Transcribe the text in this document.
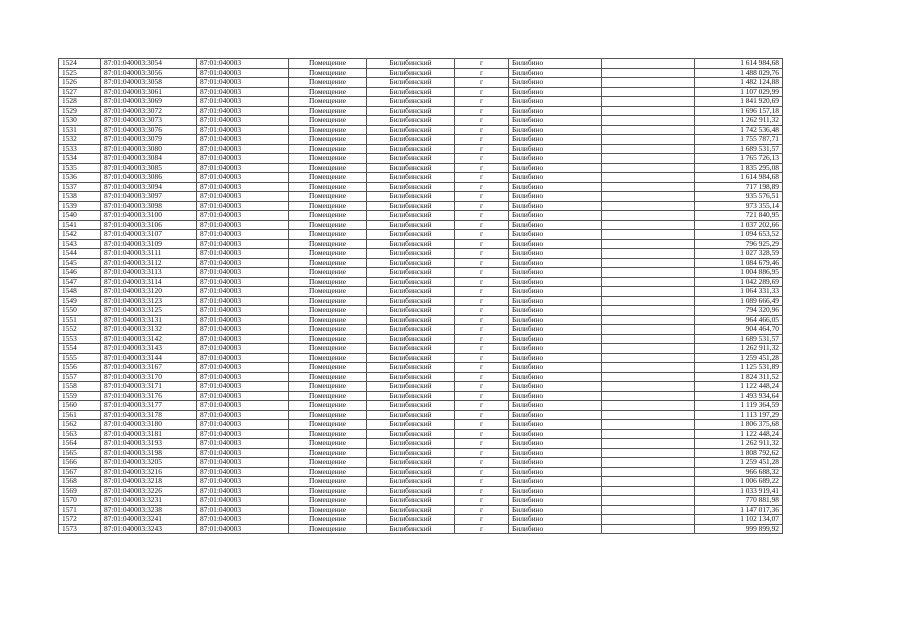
1524	87:01:040003:3054	87:01:040003	Помещение	Билибинский	г	Билибино		1 614 984,68
1525	87:01:040003:3056	87:01:040003	Помещение	Билибинский	г	Билибино		1 488 029,76
1526	87:01:040003:3058	87:01:040003	Помещение	Билибинский	г	Билибино		1 482 124,88
1527	87:01:040003:3061	87:01:040003	Помещение	Билибинский	г	Билибино		1 107 029,99
1528	87:01:040003:3069	87:01:040003	Помещение	Билибинский	г	Билибино		1 841 920,69
1529	87:01:040003:3072	87:01:040003	Помещение	Билибинский	г	Билибино		1 696 157,18
1530	87:01:040003:3073	87:01:040003	Помещение	Билибинский	г	Билибино		1 262 911,32
1531	87:01:040003:3076	87:01:040003	Помещение	Билибинский	г	Билибино		1 742 536,48
1532	87:01:040003:3079	87:01:040003	Помещение	Билибинский	г	Билибино		1 755 787,71
1533	87:01:040003:3080	87:01:040003	Помещение	Билибинский	г	Билибино		1 689 531,57
1534	87:01:040003:3084	87:01:040003	Помещение	Билибинский	г	Билибино		1 765 726,13
1535	87:01:040003:3085	87:01:040003	Помещение	Билибинский	г	Билибино		1 835 295,08
1536	87:01:040003:3086	87:01:040003	Помещение	Билибинский	г	Билибино		1 614 984,68
1537	87:01:040003:3094	87:01:040003	Помещение	Билибинский	г	Билибино		717 198,89
1538	87:01:040003:3097	87:01:040003	Помещение	Билибинский	г	Билибино		935 576,51
1539	87:01:040003:3098	87:01:040003	Помещение	Билибинский	г	Билибино		973 355,14
1540	87:01:040003:3100	87:01:040003	Помещение	Билибинский	г	Билибино		721 840,95
1541	87:01:040003:3106	87:01:040003	Помещение	Билибинский	г	Билибино		1 037 202,66
1542	87:01:040003:3107	87:01:040003	Помещение	Билибинский	г	Билибино		1 094 653,52
1543	87:01:040003:3109	87:01:040003	Помещение	Билибинский	г	Билибино		796 925,29
1544	87:01:040003:3111	87:01:040003	Помещение	Билибинский	г	Билибино		1 027 328,59
1545	87:01:040003:3112	87:01:040003	Помещение	Билибинский	г	Билибино		1 084 679,46
1546	87:01:040003:3113	87:01:040003	Помещение	Билибинский	г	Билибино		1 004 886,95
1547	87:01:040003:3114	87:01:040003	Помещение	Билибинский	г	Билибино		1 042 289,69
1548	87:01:040003:3120	87:01:040003	Помещение	Билибинский	г	Билибино		1 064 331,33
1549	87:01:040003:3123	87:01:040003	Помещение	Билибинский	г	Билибино		1 089 666,49
1550	87:01:040003:3125	87:01:040003	Помещение	Билибинский	г	Билибино		794 320,96
1551	87:01:040003:3131	87:01:040003	Помещение	Билибинский	г	Билибино		964 466,05
1552	87:01:040003:3132	87:01:040003	Помещение	Билибинский	г	Билибино		904 464,70
1553	87:01:040003:3142	87:01:040003	Помещение	Билибинский	г	Билибино		1 689 531,57
1554	87:01:040003:3143	87:01:040003	Помещение	Билибинский	г	Билибино		1 262 911,32
1555	87:01:040003:3144	87:01:040003	Помещение	Билибинский	г	Билибино		1 259 451,28
1556	87:01:040003:3167	87:01:040003	Помещение	Билибинский	г	Билибино		1 125 531,89
1557	87:01:040003:3170	87:01:040003	Помещение	Билибинский	г	Билибино		1 824 311,52
1558	87:01:040003:3171	87:01:040003	Помещение	Билибинский	г	Билибино		1 122 448,24
1559	87:01:040003:3176	87:01:040003	Помещение	Билибинский	г	Билибино		1 493 934,64
1560	87:01:040003:3177	87:01:040003	Помещение	Билибинский	г	Билибино		1 119 364,59
1561	87:01:040003:3178	87:01:040003	Помещение	Билибинский	г	Билибино		1 113 197,29
1562	87:01:040003:3180	87:01:040003	Помещение	Билибинский	г	Билибино		1 806 375,68
1563	87:01:040003:3181	87:01:040003	Помещение	Билибинский	г	Билибино		1 122 448,24
1564	87:01:040003:3193	87:01:040003	Помещение	Билибинский	г	Билибино		1 262 911,32
1565	87:01:040003:3198	87:01:040003	Помещение	Билибинский	г	Билибино		1 808 792,62
1566	87:01:040003:3205	87:01:040003	Помещение	Билибинский	г	Билибино		1 259 451,28
1567	87:01:040003:3216	87:01:040003	Помещение	Билибинский	г	Билибино		966 688,32
1568	87:01:040003:3218	87:01:040003	Помещение	Билибинский	г	Билибино		1 006 689,22
1569	87:01:040003:3226	87:01:040003	Помещение	Билибинский	г	Билибино		1 033 919,41
1570	87:01:040003:3231	87:01:040003	Помещение	Билибинский	г	Билибино		770 881,98
1571	87:01:040003:3238	87:01:040003	Помещение	Билибинский	г	Билибино		1 147 017,36
1572	87:01:040003:3241	87:01:040003	Помещение	Билибинский	г	Билибино		1 102 134,07
1573	87:01:040003:3243	87:01:040003	Помещение	Билибинский	г	Билибино		999 899,92
